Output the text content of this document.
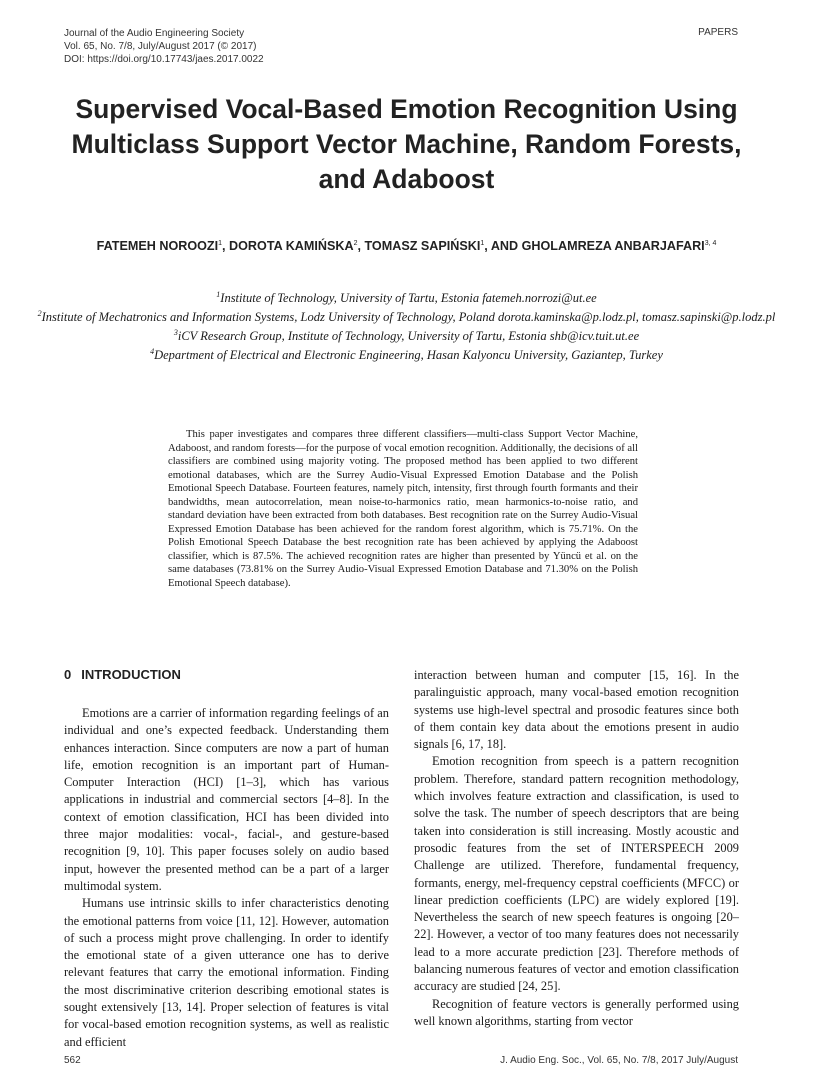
Journal of the Audio Engineering Society
Vol. 65, No. 7/8, July/August 2017 (© 2017)
DOI: https://doi.org/10.17743/jaes.2017.0022
PAPERS
Supervised Vocal-Based Emotion Recognition Using Multiclass Support Vector Machine, Random Forests, and Adaboost
FATEMEH NOROOZI$^1$, DOROTA KAMIŃSKA$^2$, TOMASZ SAPIŃSKI$^1$, AND GHOLAMREZA ANBARJAFARI$^{3, 4}$
$^1$Institute of Technology, University of Tartu, Estonia fatemeh.norrozi@ut.ee
$^2$Institute of Mechatronics and Information Systems, Lodz University of Technology, Poland dorota.kaminska@p.lodz.pl, tomasz.sapinski@p.lodz.pl
$^3$iCV Research Group, Institute of Technology, University of Tartu, Estonia shb@icv.tuit.ut.ee
$^4$Department of Electrical and Electronic Engineering, Hasan Kalyoncu University, Gaziantep, Turkey

This paper investigates and compares three different classifiers—multi-class Support Vector Machine, Adaboost, and random forests—for the purpose of vocal emotion recognition. Additionally, the decisions of all classifiers are combined using majority voting. The proposed method has been applied to two different emotional databases, which are the Surrey Audio-Visual Expressed Emotion Database and the Polish Emotional Speech Database. Fourteen features, namely pitch, intensity, first through fourth formants and their bandwidths, mean autocorrelation, mean noise-to-harmonics ratio, mean harmonics-to-noise ratio, and standard deviation have been extracted from both databases. Best recognition rate on the Surrey Audio-Visual Expressed Emotion Database has been achieved for the random forest algorithm, which is 75.71%. On the Polish Emotional Speech Database the best recognition rate has been achieved by applying the Adaboost classifier, which is 87.5%. The achieved recognition rates are higher than presented by Yüncü et al. on the same databases (73.81% on the Surrey Audio-Visual Expressed Emotion Database and 71.30% on the Polish Emotional Speech database).

0 INTRODUCTION

Emotions are a carrier of information regarding feelings of an individual and one’s expected feedback. Understanding them enhances interaction. Since computers are now a part of human life, emotion recognition is an important part of Human-Computer Interaction (HCI) [1–3], which has various applications in industrial and commercial sectors [4–8]. In the context of emotion classification, HCI has been divided into three major modalities: vocal-, facial-, and gesture-based recognition [9, 10]. This paper focuses solely on audio based input, however the presented method can be a part of a larger multimodal system.

Humans use intrinsic skills to infer characteristics denoting the emotional patterns from voice [11, 12]. However, automation of such a process might prove challenging. In order to identify the emotional state of a given utterance one has to derive relevant features that carry the emotional information. Finding the most discriminative criterion describing emotional states is sought extensively [13, 14]. Proper selection of features is vital for vocal-based emotion recognition systems, as well as realistic and efficient

interaction between human and computer [15, 16]. In the paralinguistic approach, many vocal-based emotion recognition systems use high-level spectral and prosodic features since both of them contain key data about the emotions present in audio signals [6, 17, 18].

Emotion recognition from speech is a pattern recognition problem. Therefore, standard pattern recognition methodology, which involves feature extraction and classification, is used to solve the task. The number of speech descriptors that are being taken into consideration is still increasing. Mostly acoustic and prosodic features from the set of INTERSPEECH 2009 Challenge are utilized. Therefore, fundamental frequency, formants, energy, mel-frequency cepstral coefficients (MFCC) or linear prediction coefficients (LPC) are widely explored [19]. Nevertheless the search of new speech features is ongoing [20–22]. However, a vector of too many features does not necessarily lead to a more accurate prediction [23]. Therefore methods of balancing numerous features of vector and emotion classification accuracy are studied [24, 25].

Recognition of feature vectors is generally performed using well known algorithms, starting from vector

562	J. Audio Eng. Soc., Vol. 65, No. 7/8, 2017 July/August
